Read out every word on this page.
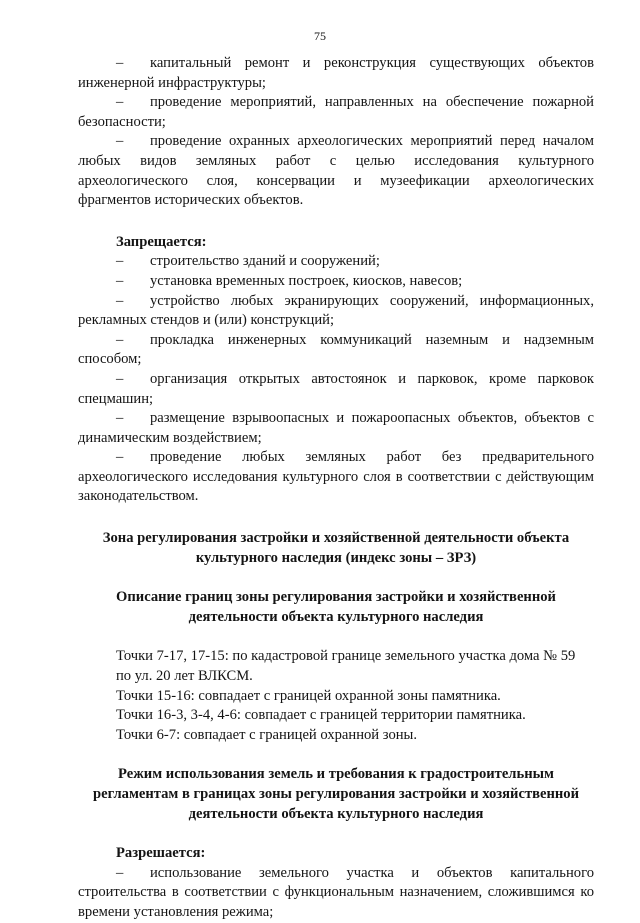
75

– капитальный ремонт и реконструкция существующих объектов инженерной инфраструктуры;

– проведение мероприятий, направленных на обеспечение пожарной безопасности;

– проведение охранных археологических мероприятий перед началом любых видов земляных работ с целью исследования культурного археологического слоя, консервации и музеефикации археологических фрагментов исторических объектов.

Запрещается:

– строительство зданий и сооружений;

– установка временных построек, киосков, навесов;

– устройство любых экранирующих сооружений, информационных, рекламных стендов и (или) конструкций;

– прокладка инженерных коммуникаций наземным и надземным способом;

– организация открытых автостоянок и парковок, кроме парковок спецмашин;

– размещение взрывоопасных и пожароопасных объектов, объектов с динамическим воздействием;

– проведение любых земляных работ без предварительного археологического исследования культурного слоя в соответствии с действующим законодательством.

Зона регулирования застройки и хозяйственной деятельности объекта

культурного наследия (индекс зоны – ЗРЗ)

Описание границ зоны регулирования застройки и хозяйственной

деятельности объекта культурного наследия

Точки 7-17, 17-15: по кадастровой границе земельного участка дома № 59 по ул. 20 лет ВЛКСМ.

Точки 15-16: совпадает с границей охранной зоны памятника.

Точки 16-3, 3-4, 4-6: совпадает с границей территории памятника.

Точки 6-7: совпадает с границей охранной зоны.

Режим использования земель и требования к градостроительным

регламентам в границах зоны регулирования застройки и хозяйственной

деятельности объекта культурного наследия

Разрешается:

– использование земельного участка и объектов капитального строительства в соответствии с функциональным назначением, сложившимся ко времени установления режима;
